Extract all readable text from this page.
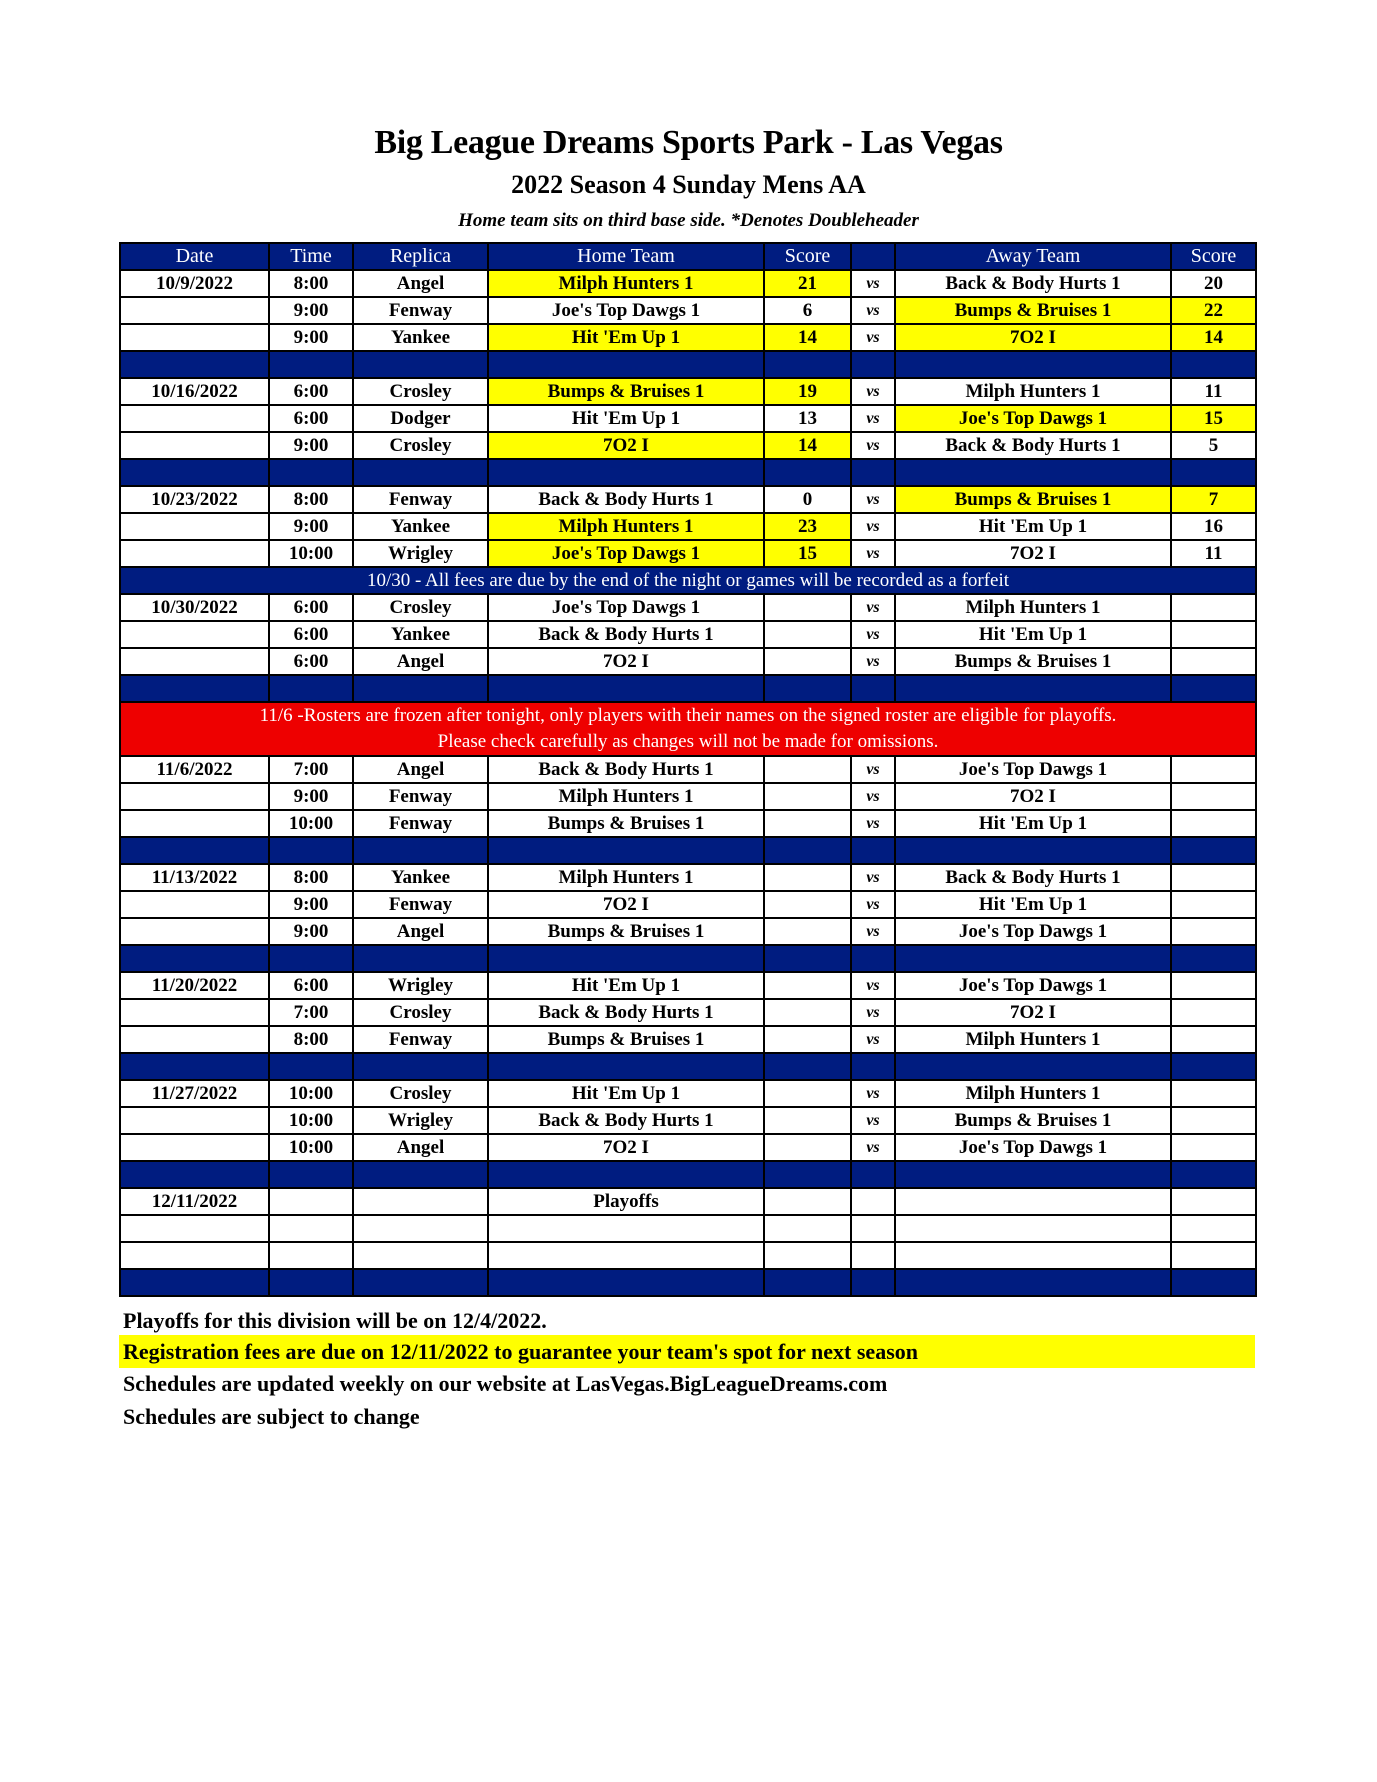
Big League Dreams Sports Park - Las Vegas
2022 Season 4 Sunday Mens AA
Home team sits on third base side. *Denotes Doubleheader
Date	Time	Replica	Home Team	Score		Away Team	Score
10/9/2022	8:00	Angel	Milph Hunters 1	21	vs	Back & Body Hurts 1	20
	9:00	Fenway	Joe's Top Dawgs 1	6	vs	Bumps & Bruises 1	22
	9:00	Yankee	Hit 'Em Up 1	14	vs	7O2 I	14

10/16/2022	6:00	Crosley	Bumps & Bruises 1	19	vs	Milph Hunters 1	11
	6:00	Dodger	Hit 'Em Up 1	13	vs	Joe's Top Dawgs 1	15
	9:00	Crosley	7O2 I	14	vs	Back & Body Hurts 1	5

10/23/2022	8:00	Fenway	Back & Body Hurts 1	0	vs	Bumps & Bruises 1	7
	9:00	Yankee	Milph Hunters 1	23	vs	Hit 'Em Up 1	16
	10:00	Wrigley	Joe's Top Dawgs 1	15	vs	7O2 I	11
10/30 - All fees are due by the end of the night or games will be recorded as a forfeit							
10/30/2022	6:00	Crosley	Joe's Top Dawgs 1		vs	Milph Hunters 1	
	6:00	Yankee	Back & Body Hurts 1		vs	Hit 'Em Up 1	
	6:00	Angel	7O2 I		vs	Bumps & Bruises 1	

11/6 -Rosters are frozen after tonight, only players with their names on the signed roster are eligible for playoffs.
Please check carefully as changes will not be made for omissions.							

11/6/2022	7:00	Angel	Back & Body Hurts 1		vs	Joe's Top Dawgs 1	
	9:00	Fenway	Milph Hunters 1		vs	7O2 I	
	10:00	Fenway	Bumps & Bruises 1		vs	Hit 'Em Up 1	

11/13/2022	8:00	Yankee	Milph Hunters 1		vs	Back & Body Hurts 1	
	9:00	Fenway	7O2 I		vs	Hit 'Em Up 1	
	9:00	Angel	Bumps & Bruises 1		vs	Joe's Top Dawgs 1	

11/20/2022	6:00	Wrigley	Hit 'Em Up 1		vs	Joe's Top Dawgs 1	
	7:00	Crosley	Back & Body Hurts 1		vs	7O2 I	
	8:00	Fenway	Bumps & Bruises 1		vs	Milph Hunters 1	

11/27/2022	10:00	Crosley	Hit 'Em Up 1		vs	Milph Hunters 1	
	10:00	Wrigley	Back & Body Hurts 1		vs	Bumps & Bruises 1	
	10:00	Angel	7O2 I		vs	Joe's Top Dawgs 1	

12/11/2022			Playoffs				

Playoffs for this division will be on 12/4/2022.
Registration fees are due on 12/11/2022 to guarantee your team's spot for next season
Schedules are updated weekly on our website at LasVegas.BigLeagueDreams.com
Schedules are subject to change
